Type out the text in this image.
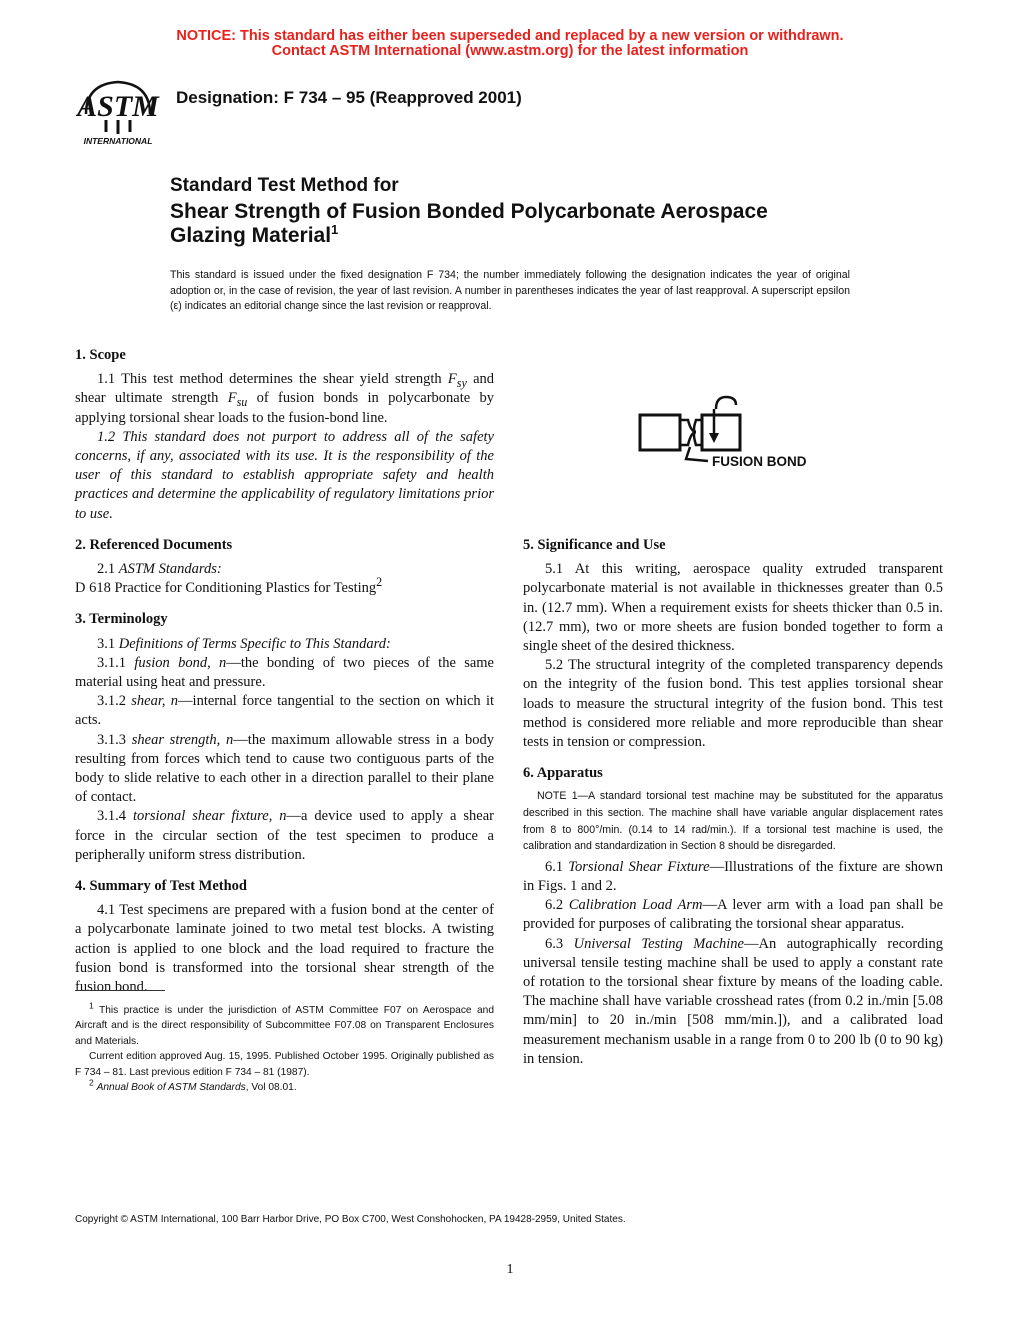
NOTICE: This standard has either been superseded and replaced by a new version or withdrawn.
Contact ASTM International (www.astm.org) for the latest information
ASTM
INTERNATIONAL
Designation: F 734 – 95 (Reapproved 2001)
Standard Test Method for
Shear Strength of Fusion Bonded Polycarbonate Aerospace
Glazing Material$^1$
This standard is issued under the fixed designation F 734; the number immediately following the designation indicates the year of original adoption or, in the case of revision, the year of last revision. A number in parentheses indicates the year of last reapproval. A superscript epsilon (ε) indicates an editorial change since the last revision or reapproval.

1. Scope

1.1 This test method determines the shear yield strength $F_{sy}$ and shear ultimate strength $F_{su}$ of fusion bonds in polycarbonate by applying torsional shear loads to the fusion-bond line.

1.2 This standard does not purport to address all of the safety concerns, if any, associated with its use. It is the responsibility of the user of this standard to establish appropriate safety and health practices and determine the applicability of regulatory limitations prior to use.

2. Referenced Documents

2.1 ASTM Standards:

D 618 Practice for Conditioning Plastics for Testing$^2$

3. Terminology

3.1 Definitions of Terms Specific to This Standard:

3.1.1 fusion bond, n—the bonding of two pieces of the same material using heat and pressure.

3.1.2 shear, n—internal force tangential to the section on which it acts.

3.1.3 shear strength, n—the maximum allowable stress in a body resulting from forces which tend to cause two contiguous parts of the body to slide relative to each other in a direction parallel to their plane of contact.

3.1.4 torsional shear fixture, n—a device used to apply a shear force in the circular section of the test specimen to produce a peripherally uniform stress distribution.

4. Summary of Test Method

4.1 Test specimens are prepared with a fusion bond at the center of a polycarbonate laminate joined to two metal test blocks. A twisting action is applied to one block and the load required to fracture the fusion bond is transformed into the torsional shear strength of the fusion bond.

$^1$ This practice is under the jurisdiction of ASTM Committee F07 on Aerospace and Aircraft and is the direct responsibility of Subcommittee F07.08 on Transparent Enclosures and Materials.

Current edition approved Aug. 15, 1995. Published October 1995. Originally published as F 734 – 81. Last previous edition F 734 – 81 (1987).

$^2$ Annual Book of ASTM Standards, Vol 08.01.

FUSION BOND

5. Significance and Use

5.1 At this writing, aerospace quality extruded transparent polycarbonate material is not available in thicknesses greater than 0.5 in. (12.7 mm). When a requirement exists for sheets thicker than 0.5 in. (12.7 mm), two or more sheets are fusion bonded together to form a single sheet of the desired thickness.

5.2 The structural integrity of the completed transparency depends on the integrity of the fusion bond. This test applies torsional shear loads to measure the structural integrity of the fusion bond. This test method is considered more reliable and more reproducible than shear tests in tension or compression.

6. Apparatus

NOTE 1—A standard torsional test machine may be substituted for the apparatus described in this section. The machine shall have variable angular displacement rates from 8 to 800°/min. (0.14 to 14 rad/min.). If a torsional test machine is used, the calibration and standardization in Section 8 should be disregarded.

6.1 Torsional Shear Fixture—Illustrations of the fixture are shown in Figs. 1 and 2.

6.2 Calibration Load Arm—A lever arm with a load pan shall be provided for purposes of calibrating the torsional shear apparatus.

6.3 Universal Testing Machine—An autographically recording universal tensile testing machine shall be used to apply a constant rate of rotation to the torsional shear fixture by means of the loading cable. The machine shall have variable crosshead rates (from 0.2 in./min [5.08 mm/min] to 20 in./min [508 mm/min.]), and a calibrated load measurement mechanism usable in a range from 0 to 200 lb (0 to 90 kg) in tension.

Copyright © ASTM International, 100 Barr Harbor Drive, PO Box C700, West Conshohocken, PA 19428-2959, United States.
1
